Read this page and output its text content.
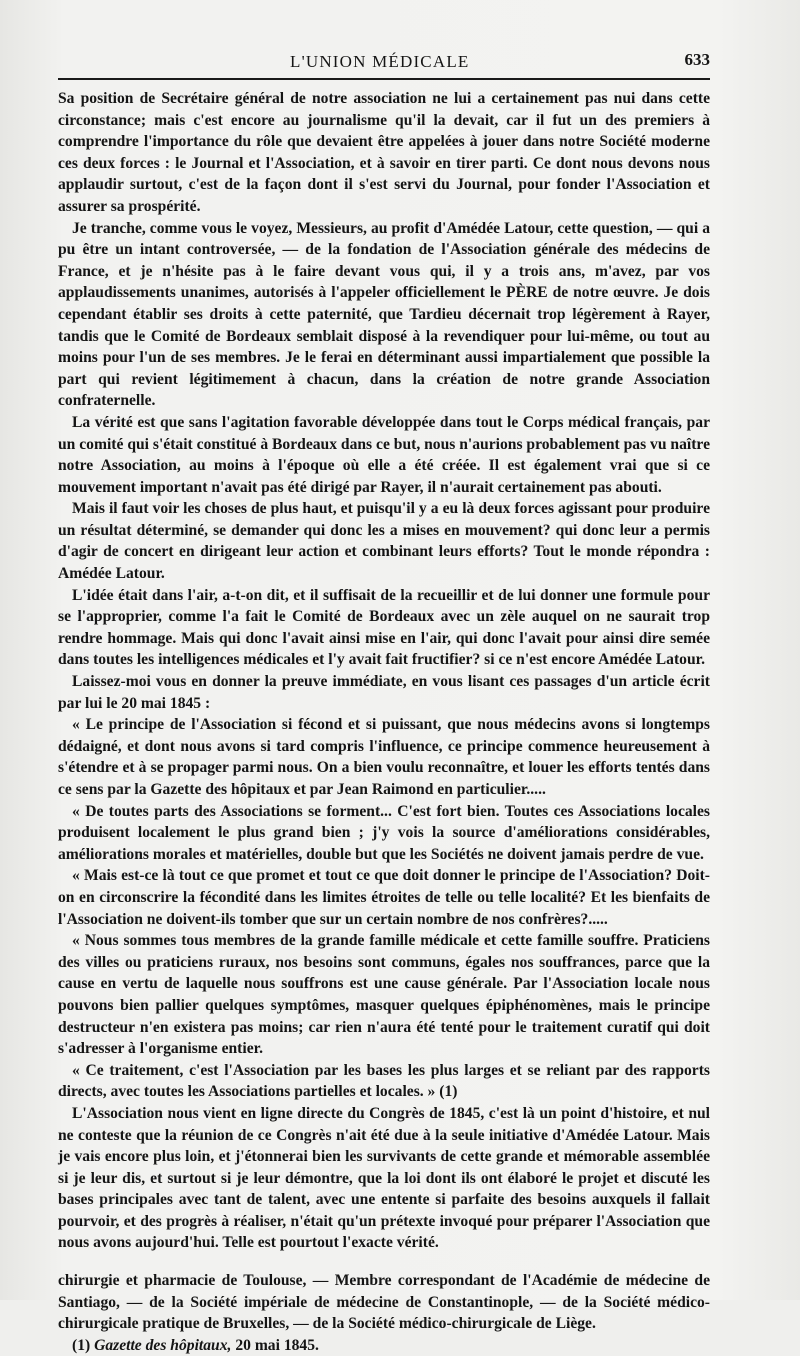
L'UNION MÉDICALE	633

Sa position de Secrétaire général de notre association ne lui a certainement pas nui dans cette circonstance; mais c'est encore au journalisme qu'il la devait, car il fut un des premiers à comprendre l'importance du rôle que devaient être appelées à jouer dans notre Société moderne ces deux forces : le Journal et l'Association, et à savoir en tirer parti. Ce dont nous devons nous applaudir surtout, c'est de la façon dont il s'est servi du Journal, pour fonder l'Association et assurer sa prospérité.

Je tranche, comme vous le voyez, Messieurs, au profit d'Amédée Latour, cette question, — qui a pu être un intant controversée, — de la fondation de l'Association générale des médecins de France, et je n'hésite pas à le faire devant vous qui, il y a trois ans, m'avez, par vos applaudissements unanimes, autorisés à l'appeler officiellement le PÈRE de notre œuvre. Je dois cependant établir ses droits à cette paternité, que Tardieu décernait trop légèrement à Rayer, tandis que le Comité de Bordeaux semblait disposé à la revendiquer pour lui-même, ou tout au moins pour l'un de ses membres. Je le ferai en déterminant aussi impartialement que possible la part qui revient légitimement à chacun, dans la création de notre grande Association confraternelle.

La vérité est que sans l'agitation favorable développée dans tout le Corps médical français, par un comité qui s'était constitué à Bordeaux dans ce but, nous n'aurions probablement pas vu naître notre Association, au moins à l'époque où elle a été créée. Il est également vrai que si ce mouvement important n'avait pas été dirigé par Rayer, il n'aurait certainement pas abouti.

Mais il faut voir les choses de plus haut, et puisqu'il y a eu là deux forces agissant pour produire un résultat déterminé, se demander qui donc les a mises en mouvement? qui donc leur a permis d'agir de concert en dirigeant leur action et combinant leurs efforts? Tout le monde répondra : Amédée Latour.

L'idée était dans l'air, a-t-on dit, et il suffisait de la recueillir et de lui donner une formule pour se l'approprier, comme l'a fait le Comité de Bordeaux avec un zèle auquel on ne saurait trop rendre hommage. Mais qui donc l'avait ainsi mise en l'air, qui donc l'avait pour ainsi dire semée dans toutes les intelligences médicales et l'y avait fait fructifier? si ce n'est encore Amédée Latour.

Laissez-moi vous en donner la preuve immédiate, en vous lisant ces passages d'un article écrit par lui le 20 mai 1845 :

« Le principe de l'Association si fécond et si puissant, que nous médecins avons si longtemps dédaigné, et dont nous avons si tard compris l'influence, ce principe commence heureusement à s'étendre et à se propager parmi nous. On a bien voulu reconnaître, et louer les efforts tentés dans ce sens par la Gazette des hôpitaux et par Jean Raimond en particulier.....

« De toutes parts des Associations se forment... C'est fort bien. Toutes ces Associations locales produisent localement le plus grand bien ; j'y vois la source d'améliorations considérables, améliorations morales et matérielles, double but que les Sociétés ne doivent jamais perdre de vue.

« Mais est-ce là tout ce que promet et tout ce que doit donner le principe de l'Association? Doit-on en circonscrire la fécondité dans les limites étroites de telle ou telle localité? Et les bienfaits de l'Association ne doivent-ils tomber que sur un certain nombre de nos confrères?.....

« Nous sommes tous membres de la grande famille médicale et cette famille souffre. Praticiens des villes ou praticiens ruraux, nos besoins sont communs, égales nos souffrances, parce que la cause en vertu de laquelle nous souffrons est une cause générale. Par l'Association locale nous pouvons bien pallier quelques symptômes, masquer quelques épiphénomènes, mais le principe destructeur n'en existera pas moins; car rien n'aura été tenté pour le traitement curatif qui doit s'adresser à l'organisme entier.

« Ce traitement, c'est l'Association par les bases les plus larges et se reliant par des rapports directs, avec toutes les Associations partielles et locales. » (1)

L'Association nous vient en ligne directe du Congrès de 1845, c'est là un point d'histoire, et nul ne conteste que la réunion de ce Congrès n'ait été due à la seule initiative d'Amédée Latour. Mais je vais encore plus loin, et j'étonnerai bien les survivants de cette grande et mémorable assemblée si je leur dis, et surtout si je leur démontre, que la loi dont ils ont élaboré le projet et discuté les bases principales avec tant de talent, avec une entente si parfaite des besoins auxquels il fallait pourvoir, et des progrès à réaliser, n'était qu'un prétexte invoqué pour préparer l'Association que nous avons aujourd'hui. Telle est pourtout l'exacte vérité.

chirurgie et pharmacie de Toulouse, — Membre correspondant de l'Académie de médecine de Santiago, — de la Société impériale de médecine de Constantinople, — de la Société médico-chirurgicale pratique de Bruxelles, — de la Société médico-chirurgicale de Liège.

(1) Gazette des hôpitaux, 20 mai 1845.
